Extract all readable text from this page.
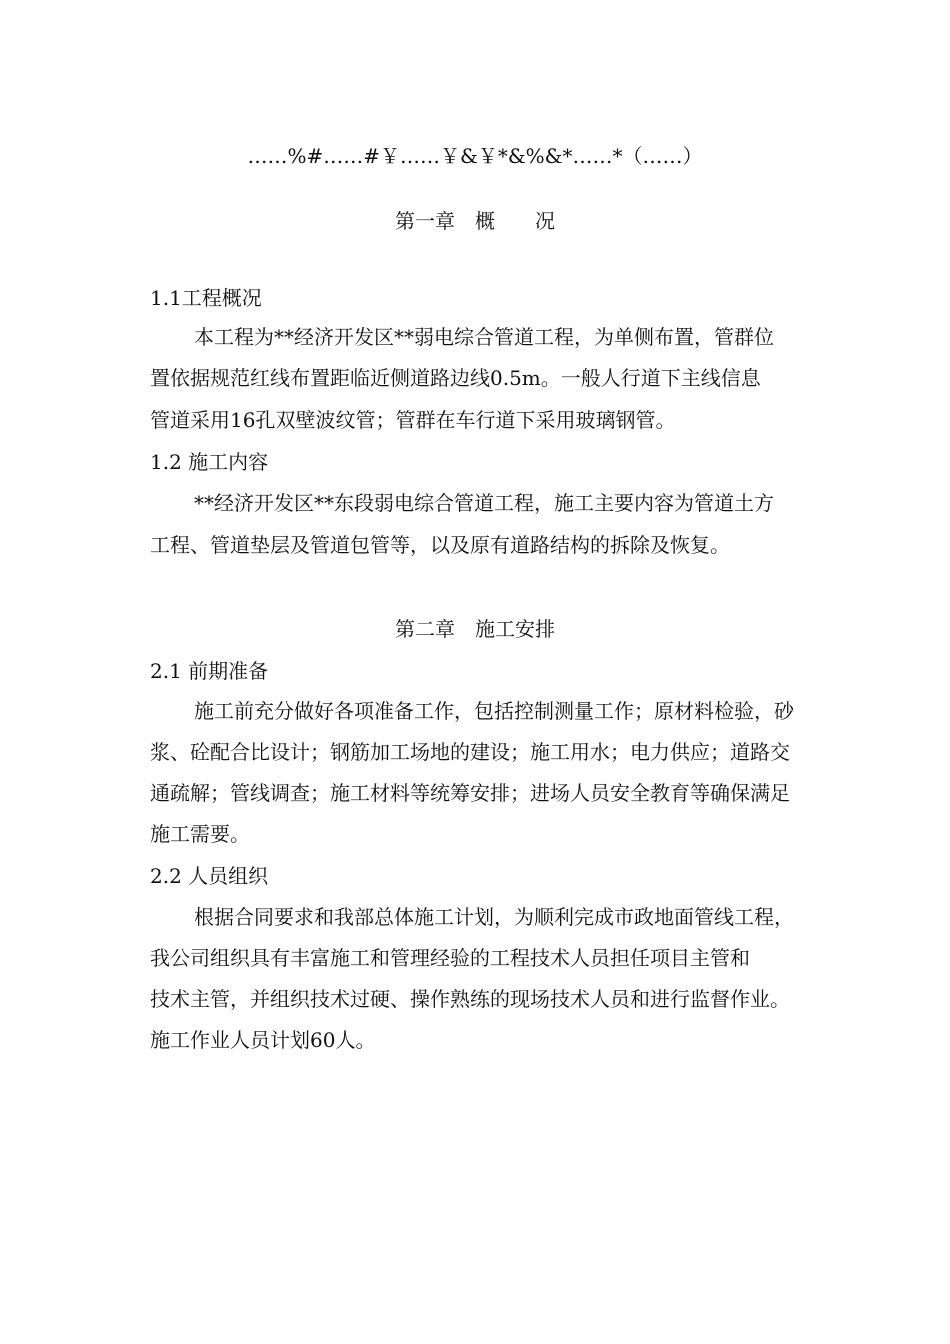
……%#……#￥……￥&￥*&%&*……*（……）
第一章　概　　况
1.1工程概况
本工程为**经济开发区**弱电综合管道工程，为单侧布置，管群位
置依据规范红线布置距临近侧道路边线0.5m。一般人行道下主线信息
管道采用16孔双壁波纹管；管群在车行道下采用玻璃钢管。
1.2 施工内容
**经济开发区**东段弱电综合管道工程，施工主要内容为管道土方
工程、管道垫层及管道包管等，以及原有道路结构的拆除及恢复。
第二章　施工安排
2.1 前期准备
施工前充分做好各项准备工作，包括控制测量工作；原材料检验，砂
浆、砼配合比设计；钢筋加工场地的建设；施工用水；电力供应；道路交
通疏解；管线调查；施工材料等统筹安排；进场人员安全教育等确保满足
施工需要。
2.2 人员组织
根据合同要求和我部总体施工计划，为顺利完成市政地面管线工程，
我公司组织具有丰富施工和管理经验的工程技术人员担任项目主管和
技术主管，并组织技术过硬、操作熟练的现场技术人员和进行监督作业。
施工作业人员计划60人。
